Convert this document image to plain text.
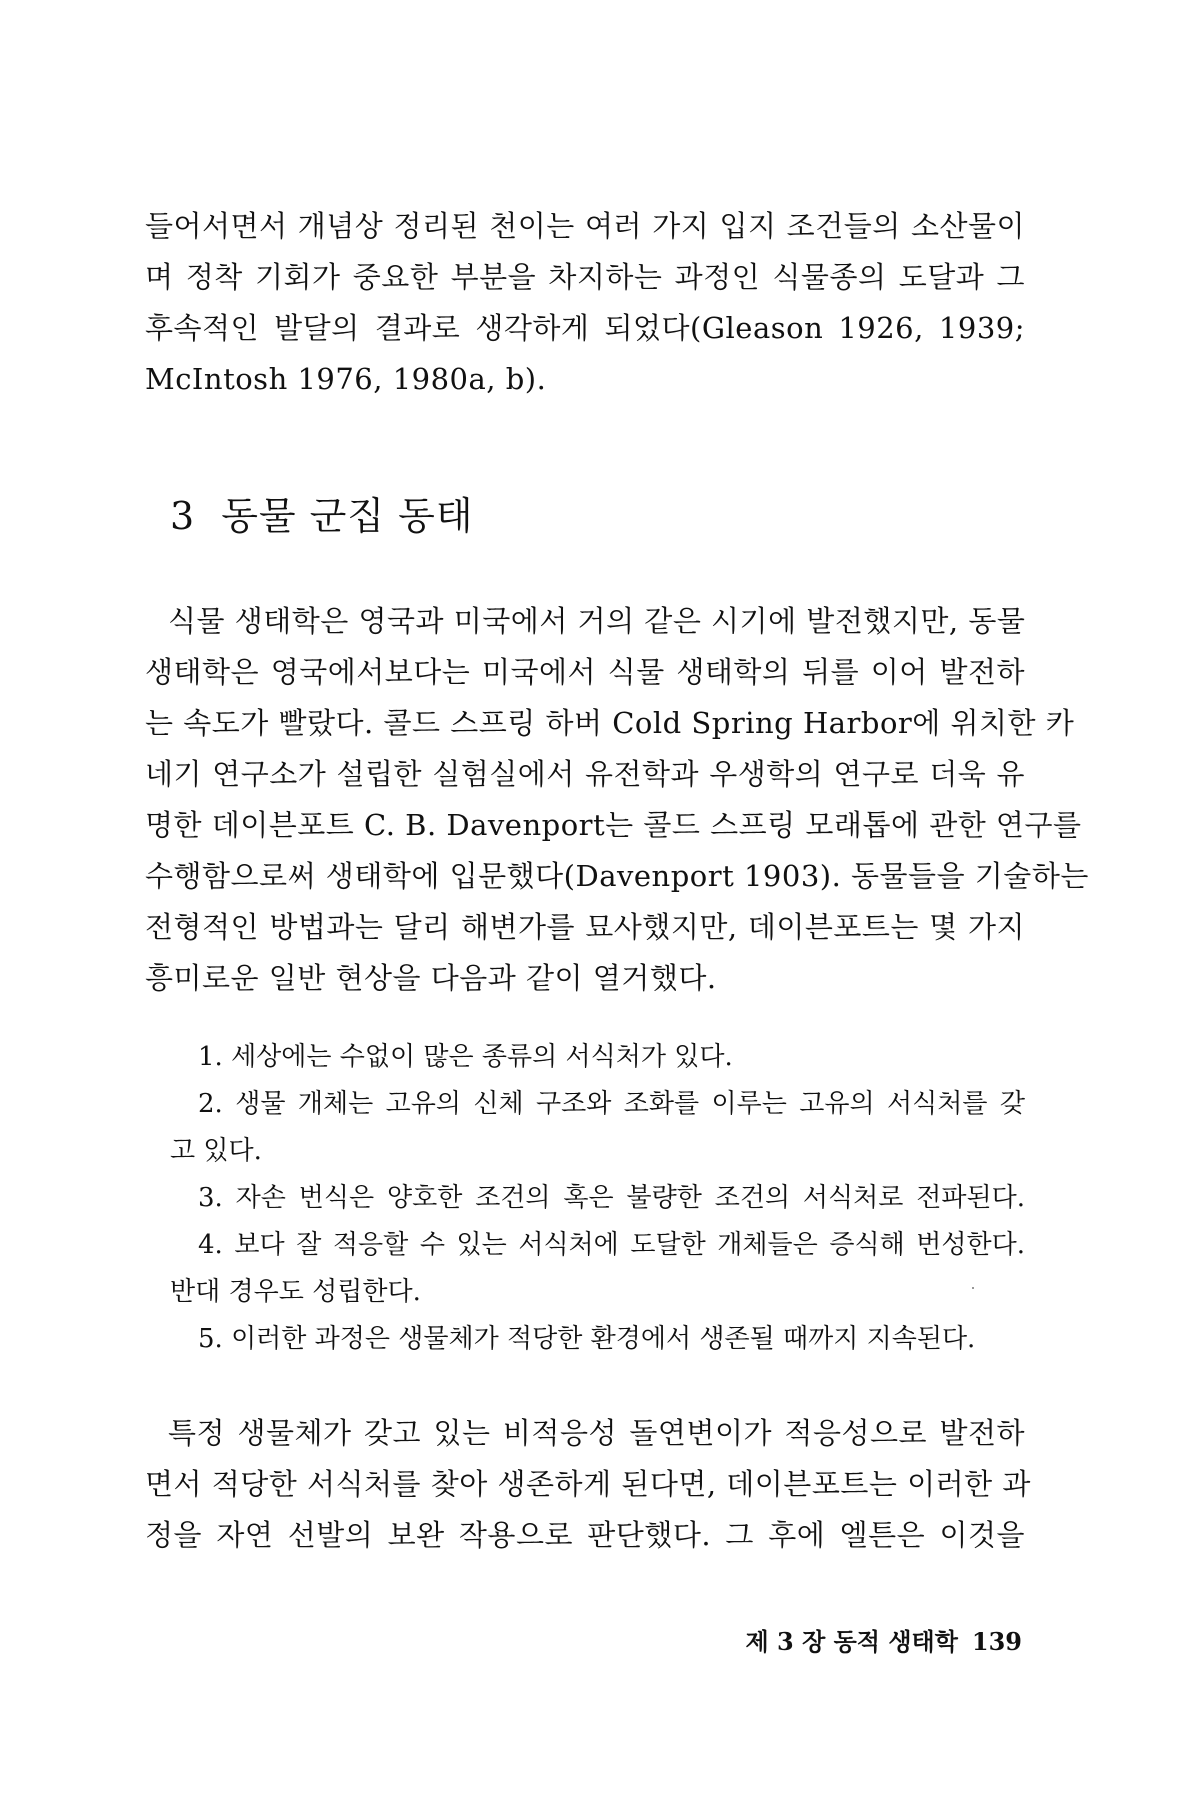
들어서면서 개념상 정리된 천이는 여러 가지 입지 조건들의 소산물이

며 정착 기회가 중요한 부분을 차지하는 과정인 식물종의 도달과 그

후속적인 발달의 결과로 생각하게 되었다(Gleason 1926, 1939;

McIntosh 1976, 1980a, b).

3 동물 군집 동태

식물 생태학은 영국과 미국에서 거의 같은 시기에 발전했지만, 동물

생태학은 영국에서보다는 미국에서 식물 생태학의 뒤를 이어 발전하

는 속도가 빨랐다. 콜드 스프링 하버 Cold Spring Harbor에 위치한 카

네기 연구소가 설립한 실험실에서 유전학과 우생학의 연구로 더욱 유

명한 데이븐포트 C. B. Davenport는 콜드 스프링 모래톱에 관한 연구를

수행함으로써 생태학에 입문했다(Davenport 1903). 동물들을 기술하는

전형적인 방법과는 달리 해변가를 묘사했지만, 데이븐포트는 몇 가지

흥미로운 일반 현상을 다음과 같이 열거했다.

1. 세상에는 수없이 많은 종류의 서식처가 있다.

2. 생물 개체는 고유의 신체 구조와 조화를 이루는 고유의 서식처를 갖

고 있다.

3. 자손 번식은 양호한 조건의 혹은 불량한 조건의 서식처로 전파된다.

4. 보다 잘 적응할 수 있는 서식처에 도달한 개체들은 증식해 번성한다.

반대 경우도 성립한다.

5. 이러한 과정은 생물체가 적당한 환경에서 생존될 때까지 지속된다.

특정 생물체가 갖고 있는 비적응성 돌연변이가 적응성으로 발전하

면서 적당한 서식처를 찾아 생존하게 된다면, 데이븐포트는 이러한 과

정을 자연 선발의 보완 작용으로 판단했다. 그 후에 엘튼은 이것을

제 3 장 동적 생태학 139
